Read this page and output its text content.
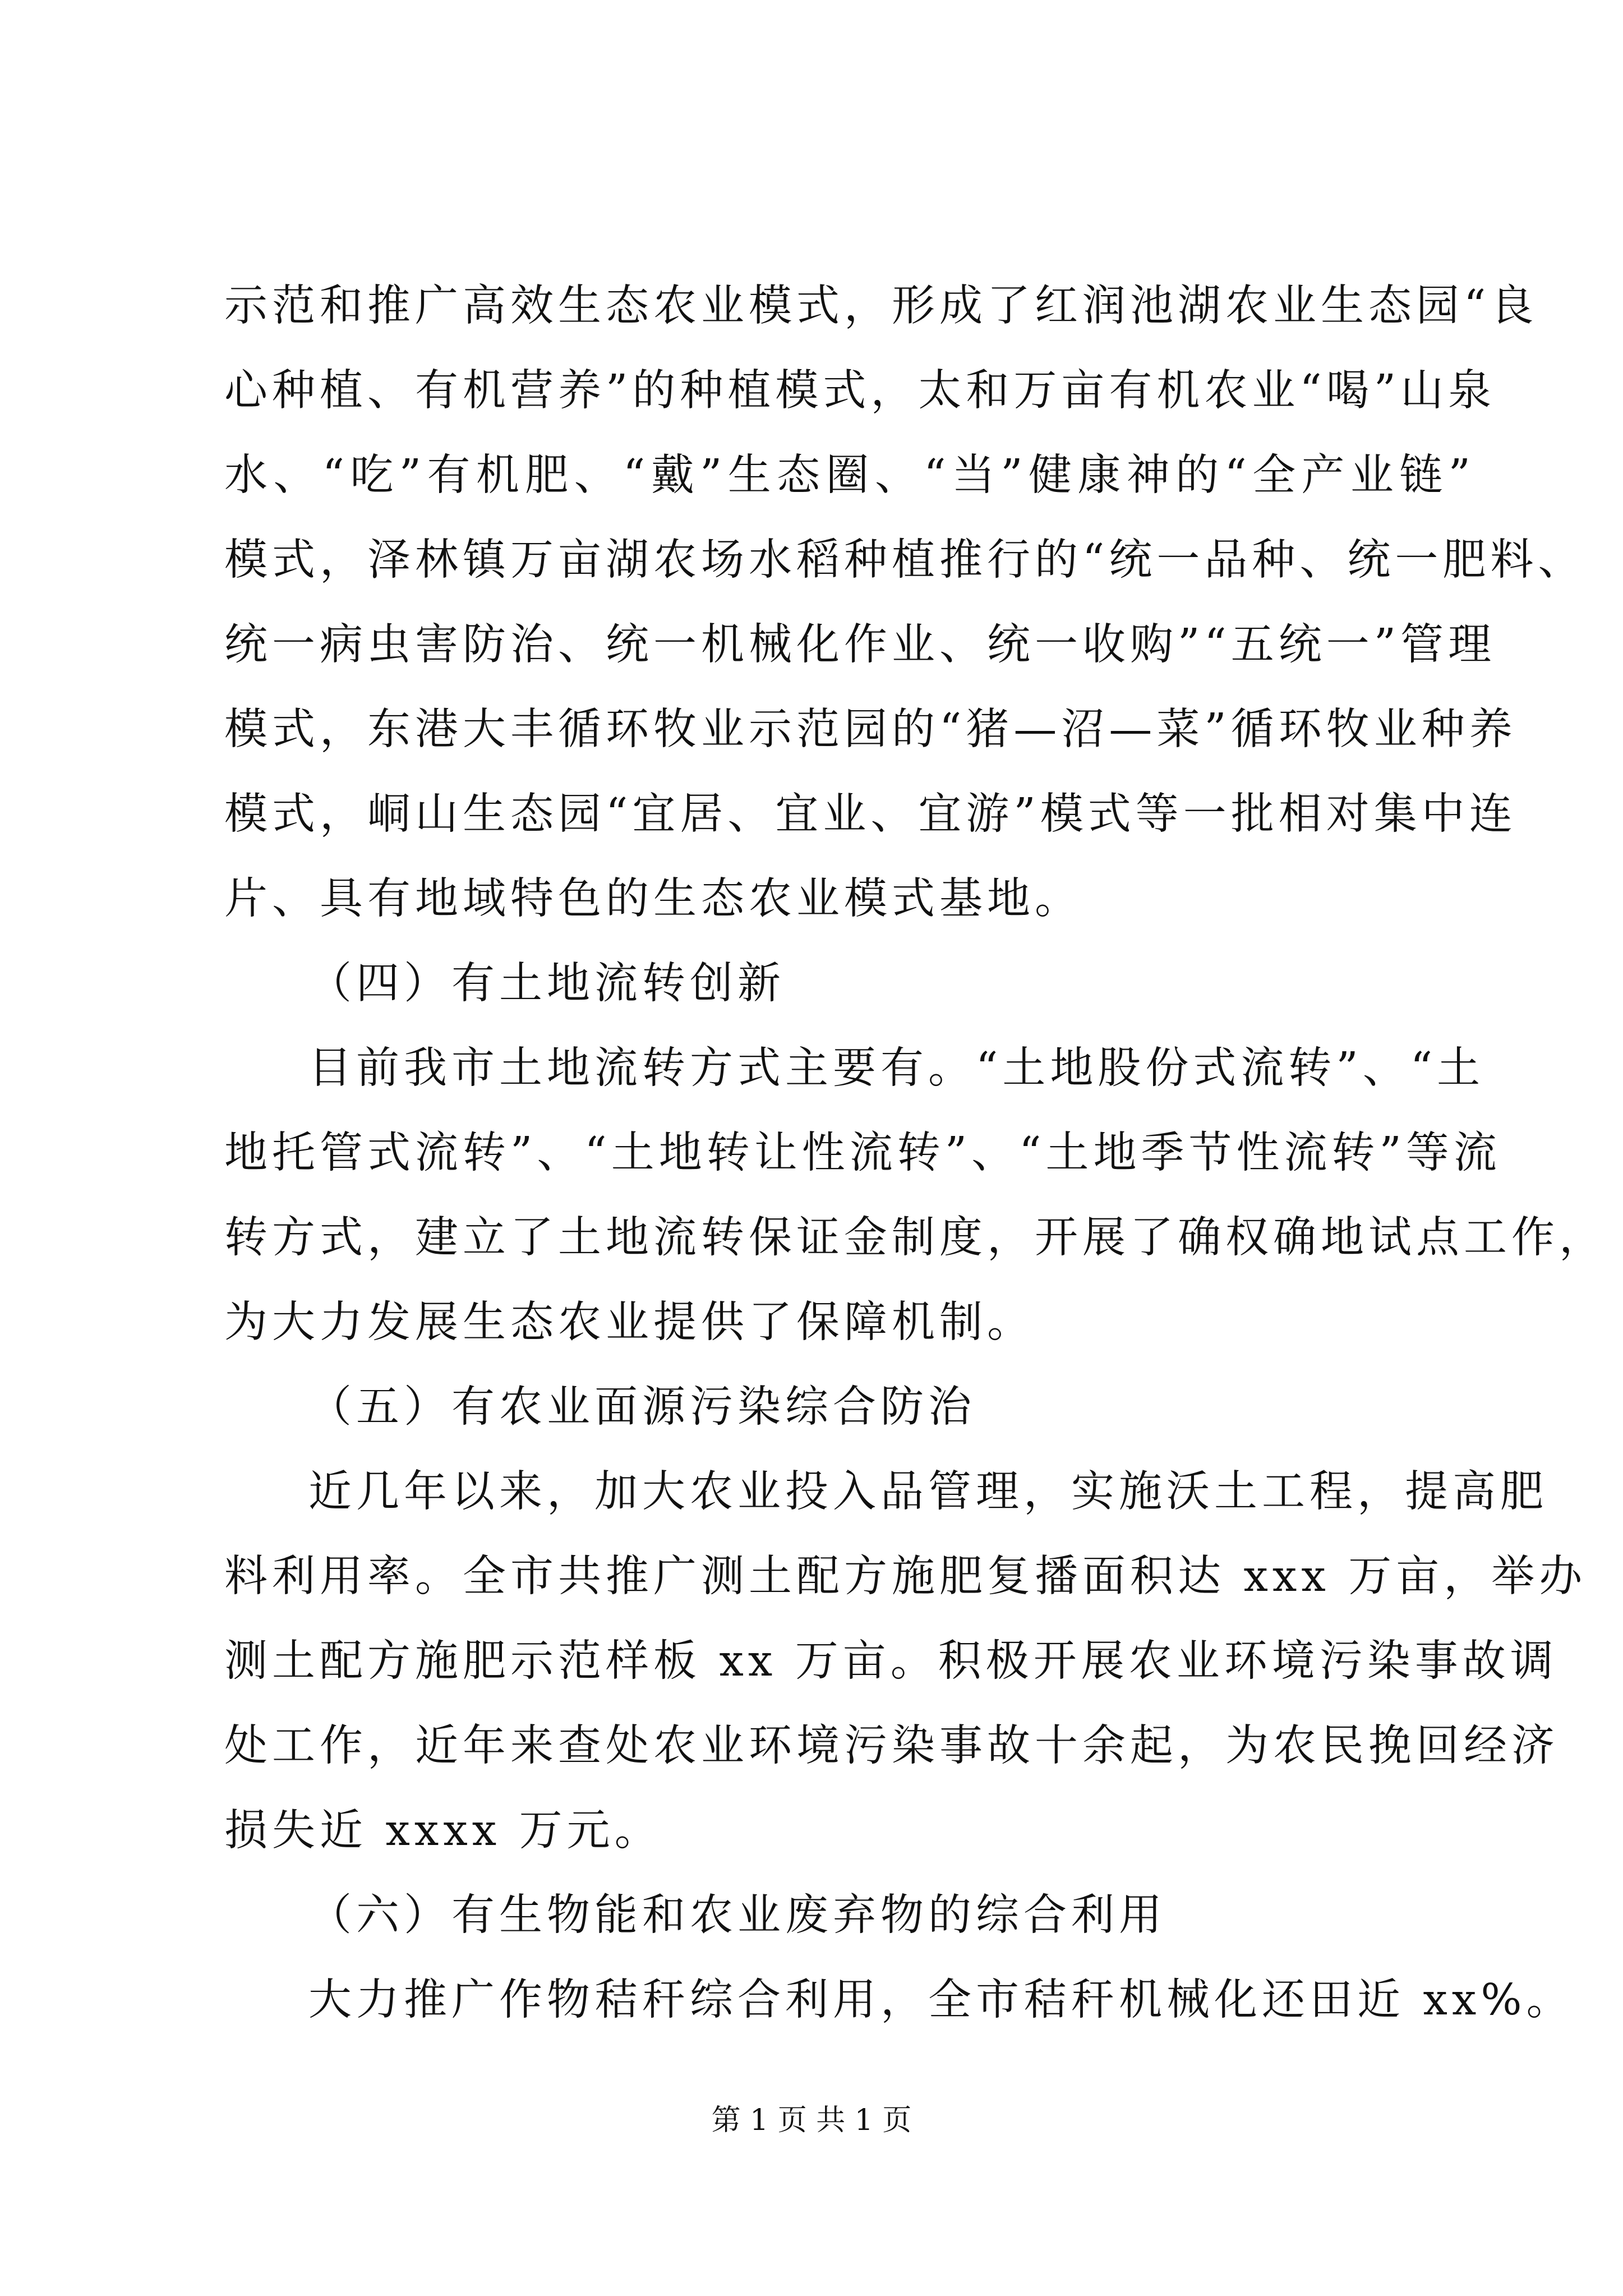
示范和推广高效生态农业模式，形成了红润池湖农业生态园“良
心种植、有机营养”的种植模式，太和万亩有机农业“喝”山泉
水、“吃”有机肥、“戴”生态圈、“当”健康神的“全产业链”
模式，泽林镇万亩湖农场水稻种植推行的“统一品种、统一肥料、
统一病虫害防治、统一机械化作业、统一收购”“五统一”管理
模式，东港大丰循环牧业示范园的“猪—沼—菜”循环牧业种养
模式，峒山生态园“宜居、宜业、宜游”模式等一批相对集中连
片、具有地域特色的生态农业模式基地。
（四）有土地流转创新
目前我市土地流转方式主要有。“土地股份式流转”、“土
地托管式流转”、“土地转让性流转”、“土地季节性流转”等流
转方式，建立了土地流转保证金制度，开展了确权确地试点工作，
为大力发展生态农业提供了保障机制。
（五）有农业面源污染综合防治
近几年以来，加大农业投入品管理，实施沃土工程，提高肥
料利用率。全市共推广测土配方施肥复播面积达 xxx 万亩，举办
测土配方施肥示范样板 xx 万亩。积极开展农业环境污染事故调
处工作，近年来查处农业环境污染事故十余起，为农民挽回经济
损失近 xxxx 万元。
（六）有生物能和农业废弃物的综合利用
大力推广作物秸秆综合利用，全市秸秆机械化还田近 xx%。
第 1 页 共 1 页
